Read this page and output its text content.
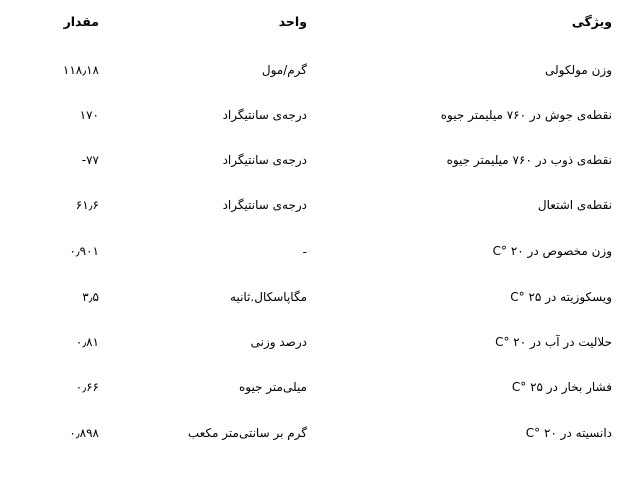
ویژگی
واحد
مقدار
وزن مولکولی
گرم/مول
۱۱۸٫۱۸
نقطه‌ی جوش در ۷۶۰ میلیمتر جیوه
درجه‌ی سانتیگراد
۱۷۰
نقطه‌ی ذوب در ۷۶۰ میلیمتر جیوه
درجه‌ی سانتیگراد
۷۷-
نقطه‌ی اشتعال
درجه‌ی سانتیگراد
۶۱٫۶
وزن مخصوص در ۲۰ °C
-
۰٫۹۰۱
ویسکوزیته در ۲۵ °C
مگاپاسکال.ثانیه
۳٫۵
حلالیت در آب در ۲۰ °C
درصد وزنی
۰٫۸۱
فشار بخار در ۲۵ °C
میلی‌متر جیوه
۰٫۶۶
دانسیته در ۲۰ °C
گرم بر سانتی‌متر مکعب
۰٫۸۹۸
